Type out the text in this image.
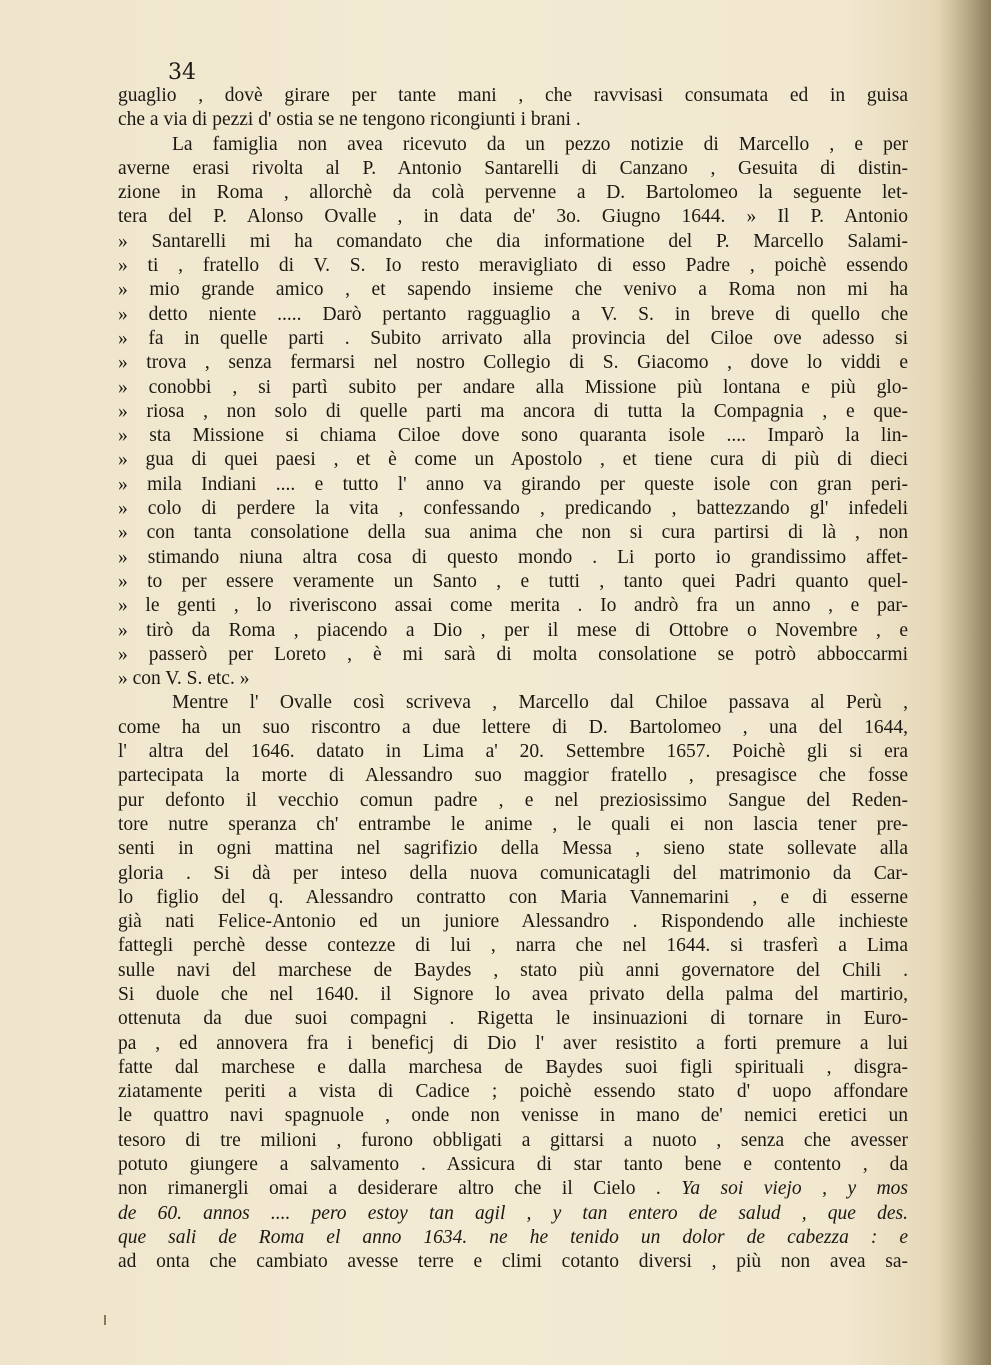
34
guaglio , dovè girare per tante mani , che ravvisasi consumata ed in guisa
che a via di pezzi d' ostia se ne tengono ricongiunti i brani .
La famiglia non avea ricevuto da un pezzo notizie di Marcello , e per
averne erasi rivolta al P. Antonio Santarelli di Canzano , Gesuita di distin-
zione in Roma , allorchè da colà pervenne a D. Bartolomeo la seguente let-
tera del P. Alonso Ovalle , in data de' 3o. Giugno 1644. » Il P. Antonio
» Santarelli mi ha comandato che dia informatione del P. Marcello Salami-
» ti , fratello di V. S. Io resto meravigliato di esso Padre , poichè essendo
» mio grande amico , et sapendo insieme che venivo a Roma non mi ha
» detto niente ..... Darò pertanto ragguaglio a V. S. in breve di quello che
» fa in quelle parti . Subito arrivato alla provincia del Ciloe ove adesso si
» trova , senza fermarsi nel nostro Collegio di S. Giacomo , dove lo viddi e
» conobbi , si partì subito per andare alla Missione più lontana e più glo-
» riosa , non solo di quelle parti ma ancora di tutta la Compagnia , e que-
» sta Missione si chiama Ciloe dove sono quaranta isole .... Imparò la lin-
» gua di quei paesi , et è come un Apostolo , et tiene cura di più di dieci
» mila Indiani .... e tutto l' anno va girando per queste isole con gran peri-
» colo di perdere la vita , confessando , predicando , battezzando gl' infedeli
» con tanta consolatione della sua anima che non si cura partirsi di là , non
» stimando niuna altra cosa di questo mondo . Li porto io grandissimo affet-
» to per essere veramente un Santo , e tutti , tanto quei Padri quanto quel-
» le genti , lo riveriscono assai come merita . Io andrò fra un anno , e par-
» tirò da Roma , piacendo a Dio , per il mese di Ottobre o Novembre , e
» passerò per Loreto , è mi sarà di molta consolatione se potrò abboccarmi
» con V. S. etc. »
Mentre l' Ovalle così scriveva , Marcello dal Chiloe passava al Perù ,
come ha un suo riscontro a due lettere di D. Bartolomeo , una del 1644,
l' altra del 1646. datato in Lima a' 20. Settembre 1657. Poichè gli si era
partecipata la morte di Alessandro suo maggior fratello , presagisce che fosse
pur defonto il vecchio comun padre , e nel preziosissimo Sangue del Reden-
tore nutre speranza ch' entrambe le anime , le quali ei non lascia tener pre-
senti in ogni mattina nel sagrifizio della Messa , sieno state sollevate alla
gloria . Si dà per inteso della nuova comunicatagli del matrimonio da Car-
lo figlio del q. Alessandro contratto con Maria Vannemarini , e di esserne
già nati Felice-Antonio ed un juniore Alessandro . Rispondendo alle inchieste
fattegli perchè desse contezze di lui , narra che nel 1644. si trasferì a Lima
sulle navi del marchese de Baydes , stato più anni governatore del Chili .
Si duole che nel 1640. il Signore lo avea privato della palma del martirio,
ottenuta da due suoi compagni . Rigetta le insinuazioni di tornare in Euro-
pa , ed annovera fra i beneficj di Dio l' aver resistito a forti premure a lui
fatte dal marchese e dalla marchesa de Baydes suoi figli spirituali , disgra-
ziatamente periti a vista di Cadice ; poichè essendo stato d' uopo affondare
le quattro navi spagnuole , onde non venisse in mano de' nemici eretici un
tesoro di tre milioni , furono obbligati a gittarsi a nuoto , senza che avesser
potuto giungere a salvamento . Assicura di star tanto bene e contento , da
non rimanergli omai a desiderare altro che il Cielo . Ya soi viejo , y mos
de 60. annos .... pero estoy tan agil , y tan entero de salud , que des.
que sali de Roma el anno 1634. ne he tenido un dolor de cabezza : e
ad onta che cambiato avesse terre e climi cotanto diversi , più non avea sa-
